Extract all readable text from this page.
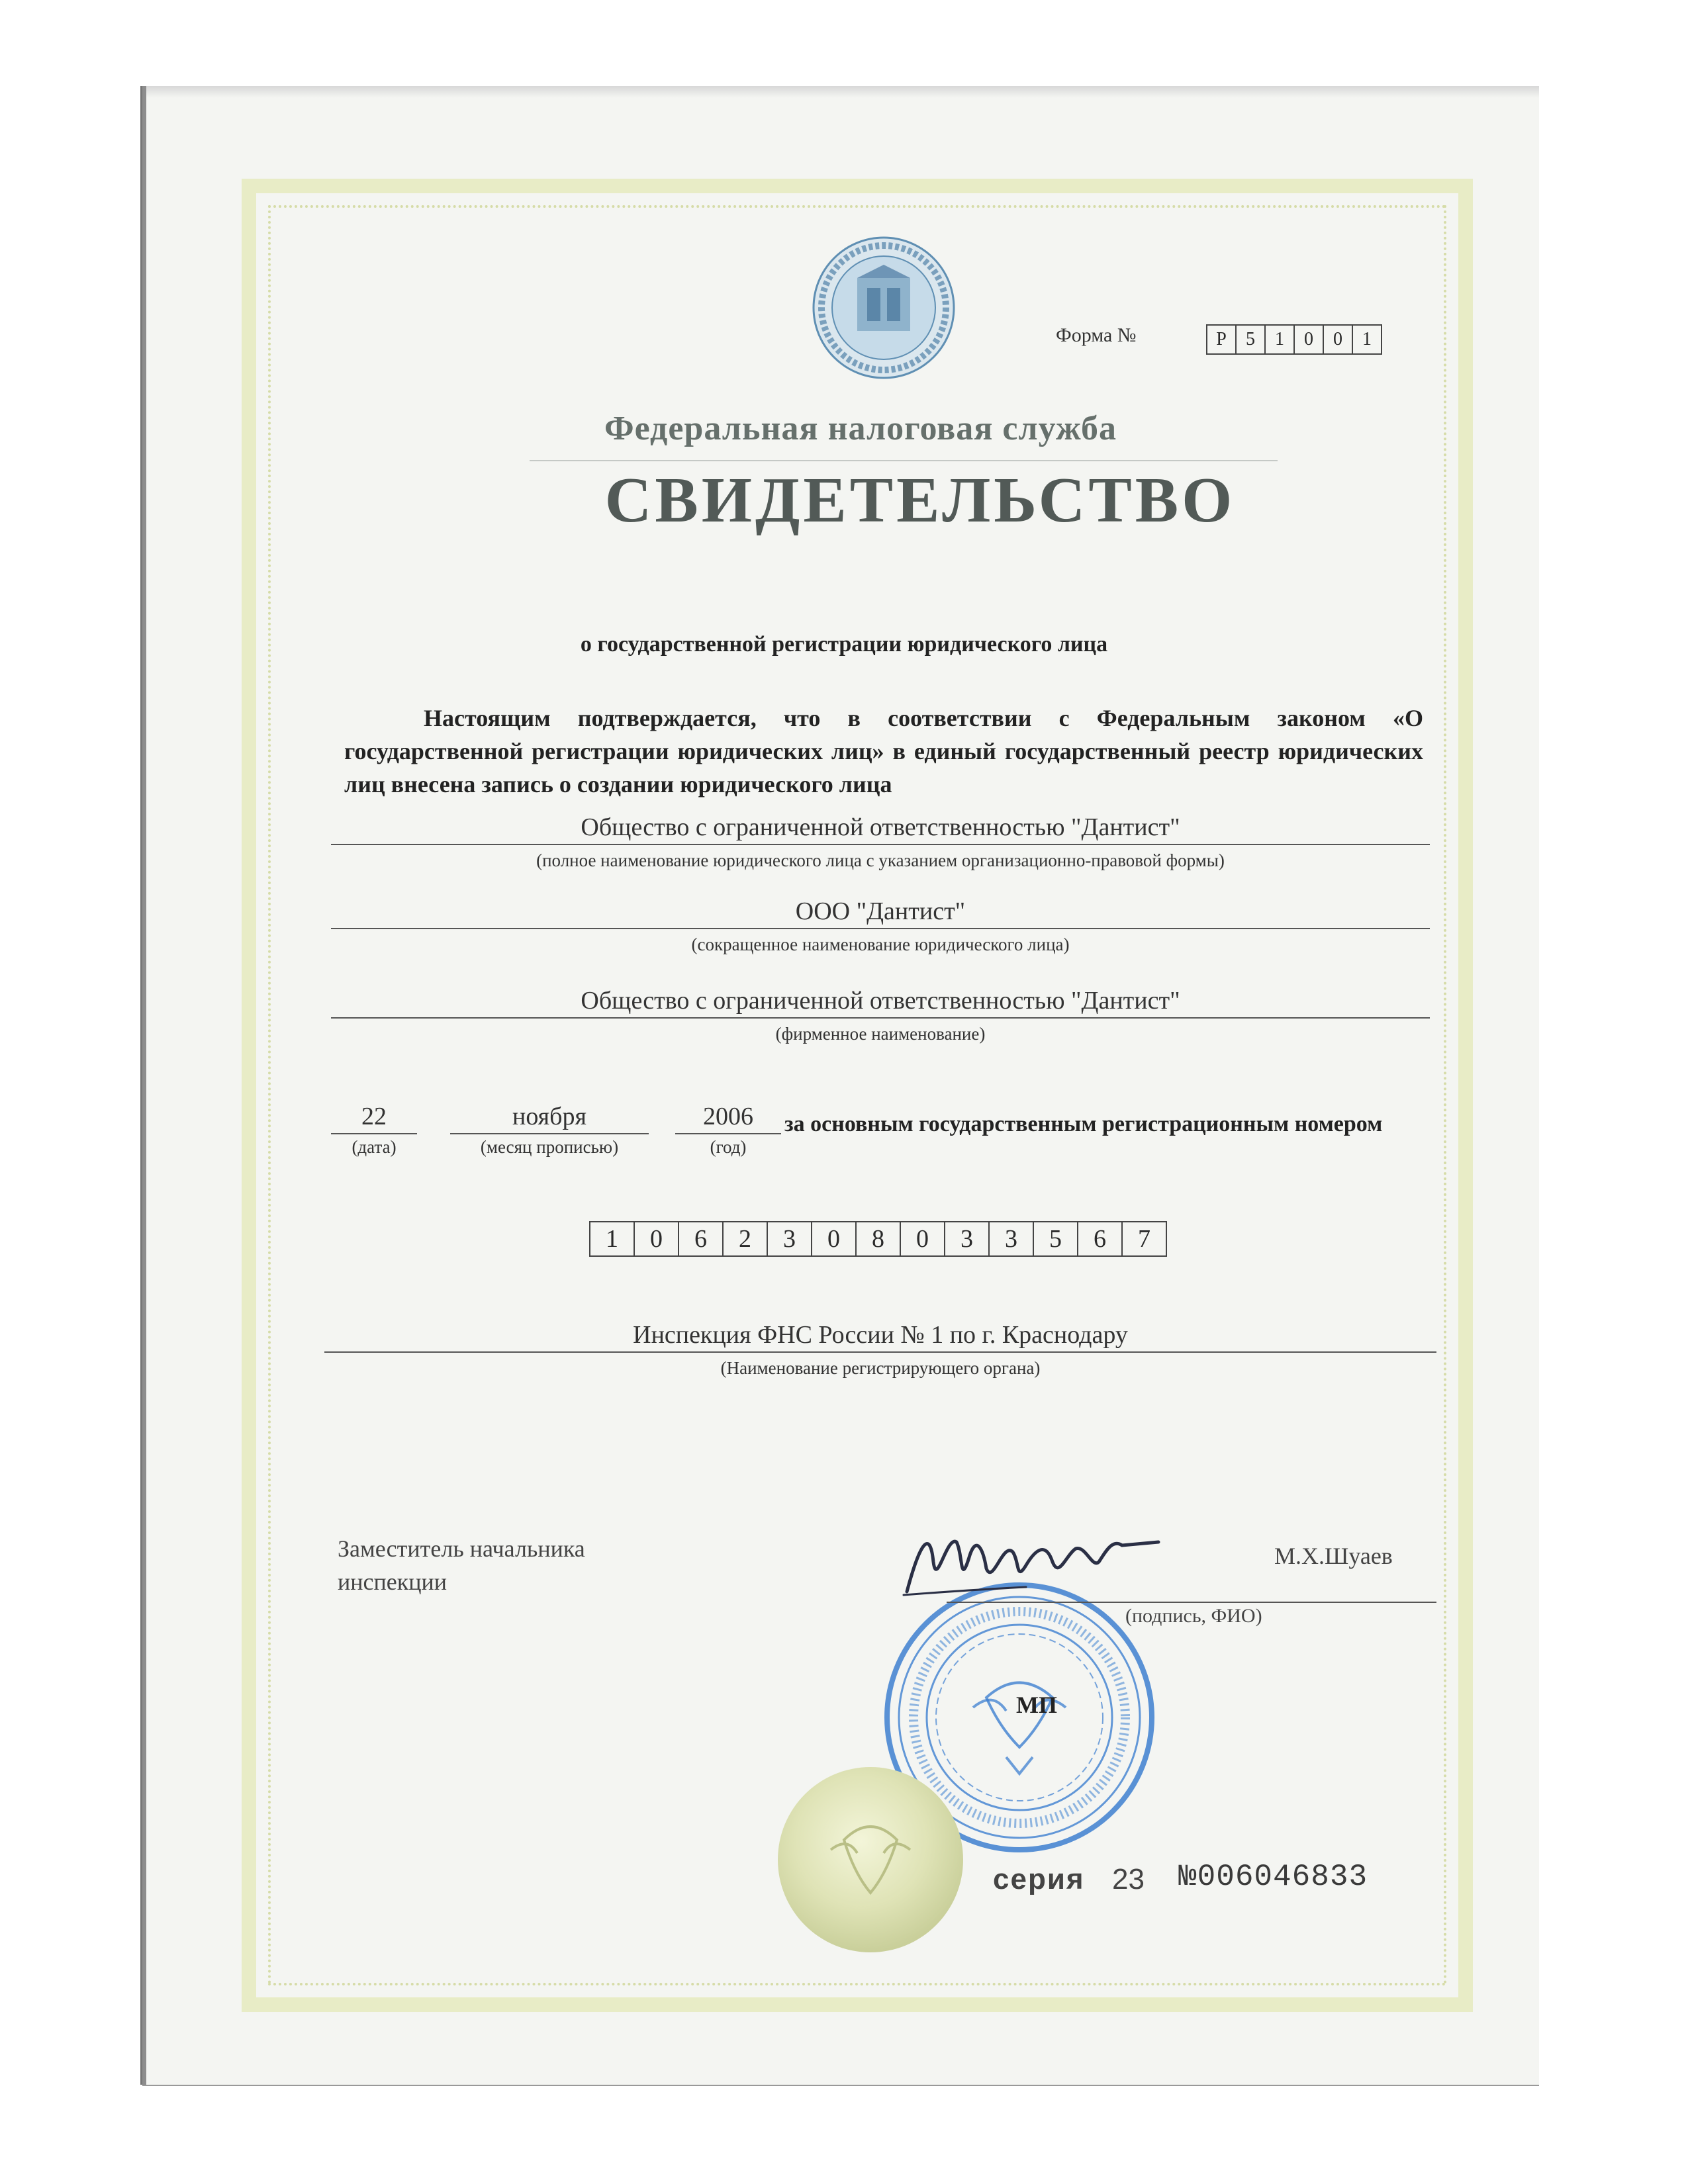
Форма №	Р	5	1	0	0	1
Федеральная налоговая служба
СВИДЕТЕЛЬСТВО
о государственной регистрации юридического лица
Настоящим подтверждается, что в соответствии с Федеральным законом «О государственной регистрации юридических лиц» в единый государственный реестр юридических лиц внесена запись о создании юридического лица
Общество с ограниченной ответственностью "Дантист"
(полное наименование юридического лица с указанием организационно-правовой формы)
ООО "Дантист"
(сокращенное наименование юридического лица)
Общество с ограниченной ответственностью "Дантист"
(фирменное наименование)
22
(дата)
ноября
(месяц прописью)
2006
(год)
за основным государственным регистрационным номером
1	0	6	2	3	0	8	0	3	3	5	6	7
Инспекция ФНС России № 1 по г. Краснодару
(Наименование регистрирующего органа)
Заместитель начальника инспекции
М.Х.Шуаев
(подпись, ФИО)
МП
серия 23 №006046833
